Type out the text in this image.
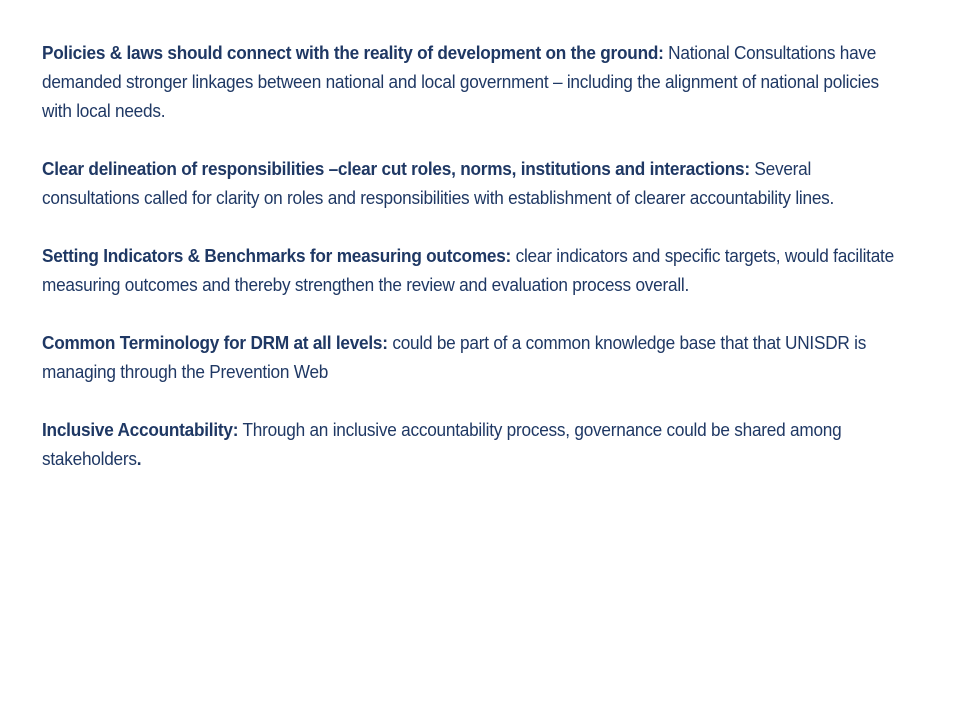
Policies & laws should connect with the reality of development on the ground: National Consultations have demanded stronger linkages between national and local government – including the alignment of national policies with local needs.

Clear delineation of responsibilities –clear cut roles, norms, institutions and interactions: Several consultations called for clarity on roles and responsibilities with establishment of clearer accountability lines.

Setting Indicators & Benchmarks for measuring outcomes: clear indicators and specific targets, would facilitate measuring outcomes and thereby strengthen the review and evaluation process overall.

Common Terminology for DRM at all levels: could be part of a common knowledge base that that UNISDR is managing through the Prevention Web

Inclusive Accountability: Through an inclusive accountability process, governance could be shared among stakeholders.
